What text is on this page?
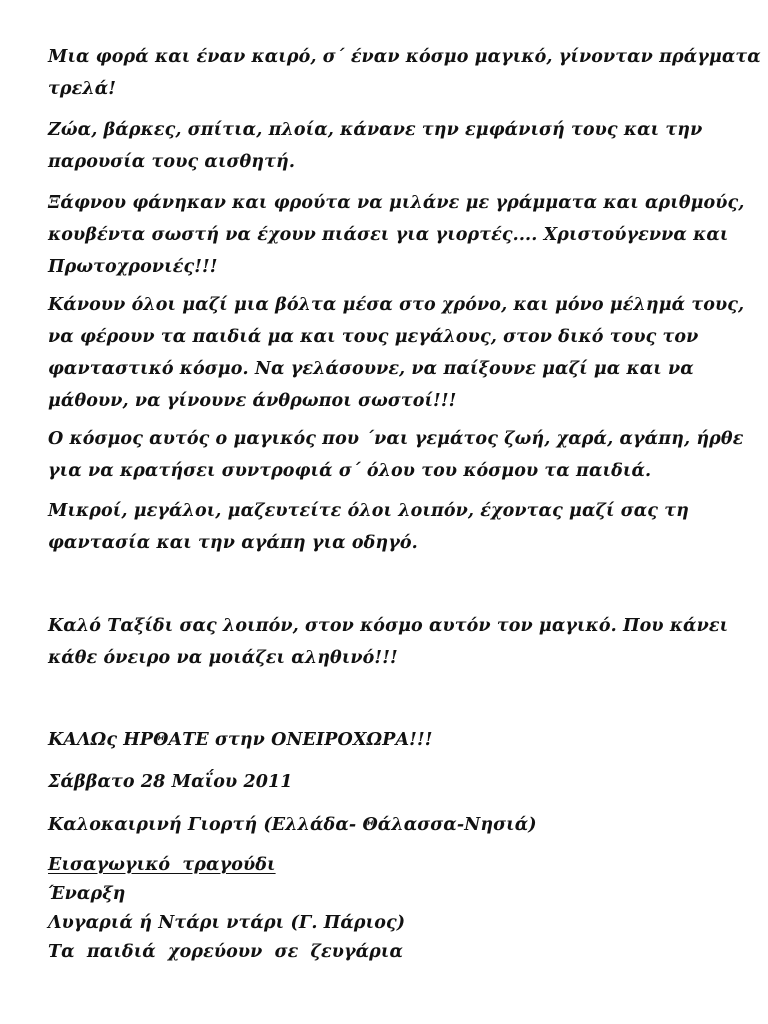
Μια φορά και έναν καιρό, σ΄ έναν κόσμο μαγικό, γίνονταν πράγματα
τρελά!

Ζώα, βάρκες, σπίτια, πλοία, κάνανε την εμφάνισή τους και την
παρουσία τους αισθητή.

Ξάφνου φάνηκαν και φρούτα να μιλάνε με γράμματα και αριθμούς,
κουβέντα σωστή να έχουν πιάσει για γιορτές.... Χριστούγεννα και
Πρωτοχρονιές!!!

Κάνουν όλοι μαζί μια βόλτα μέσα στο χρόνο, και μόνο μέλημά τους,
να φέρουν τα παιδιά μα και τους μεγάλους, στον δικό τους τον
φανταστικό κόσμο. Να γελάσουνε, να παίξουνε μαζί μα και να
μάθουν, να γίνουνε άνθρωποι σωστοί!!!

Ο κόσμος αυτός ο μαγικός που ΄ναι γεμάτος ζωή, χαρά, αγάπη, ήρθε
για να κρατήσει συντροφιά σ΄ όλου του κόσμου τα παιδιά.

Μικροί, μεγάλοι, μαζευτείτε όλοι λοιπόν, έχοντας μαζί σας τη
φαντασία και την αγάπη για οδηγό.

Καλό Ταξίδι σας λοιπόν, στον κόσμο αυτόν τον μαγικό. Που κάνει
κάθε όνειρο να μοιάζει αληθινό!!!

ΚΑΛΩς ΗΡΘΑΤΕ στην ΟΝΕΙΡΟΧΩΡΑ!!!

Σάββατο 28 Μαΐου 2011

Καλοκαιρινή Γιορτή (Ελλάδα- Θάλασσα-Νησιά)

Εισαγωγικό τραγούδι
Έναρξη
Λυγαριά ή Ντάρι ντάρι (Γ. Πάριος)
Τα παιδιά χορεύουν σε ζευγάρια
